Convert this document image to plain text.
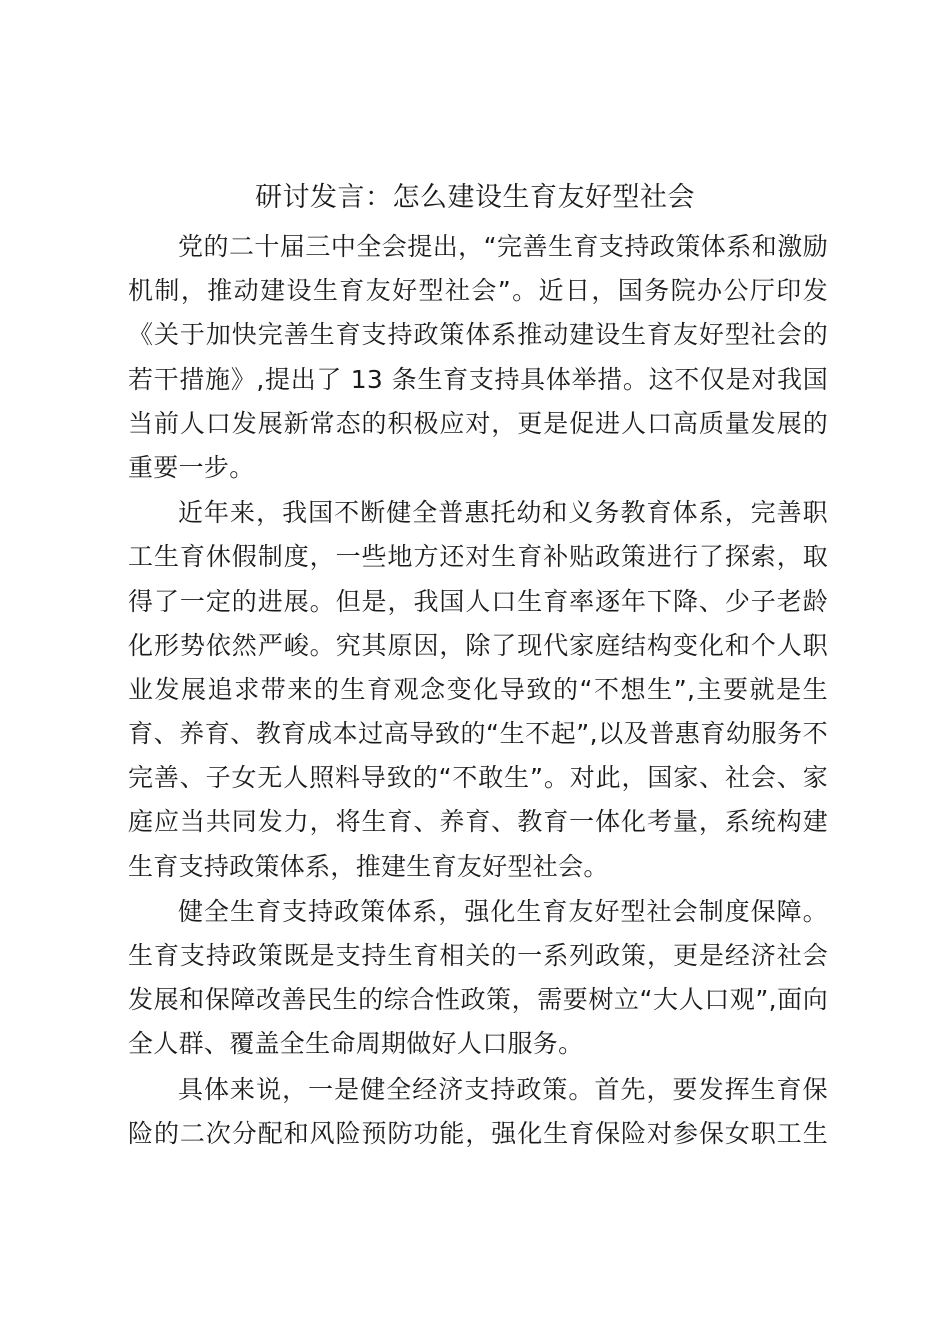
研讨发言：怎么建设生育友好型社会
党的二十届三中全会提出，“完善生育支持政策体系和激励
机制，推动建设生育友好型社会”。近日，国务院办公厅印发
《关于加快完善生育支持政策体系推动建设生育友好型社会的
若干措施》,提出了 13 条生育支持具体举措。这不仅是对我国
当前人口发展新常态的积极应对，更是促进人口高质量发展的
重要一步。
近年来，我国不断健全普惠托幼和义务教育体系，完善职
工生育休假制度，一些地方还对生育补贴政策进行了探索，取
得了一定的进展。但是，我国人口生育率逐年下降、少子老龄
化形势依然严峻。究其原因，除了现代家庭结构变化和个人职
业发展追求带来的生育观念变化导致的“不想生”,主要就是生
育、养育、教育成本过高导致的“生不起”,以及普惠育幼服务不
完善、子女无人照料导致的“不敢生”。对此，国家、社会、家
庭应当共同发力，将生育、养育、教育一体化考量，系统构建
生育支持政策体系，推建生育友好型社会。
健全生育支持政策体系，强化生育友好型社会制度保障。
生育支持政策既是支持生育相关的一系列政策，更是经济社会
发展和保障改善民生的综合性政策，需要树立“大人口观”,面向
全人群、覆盖全生命周期做好人口服务。
具体来说，一是健全经济支持政策。首先，要发挥生育保
险的二次分配和风险预防功能，强化生育保险对参保女职工生
